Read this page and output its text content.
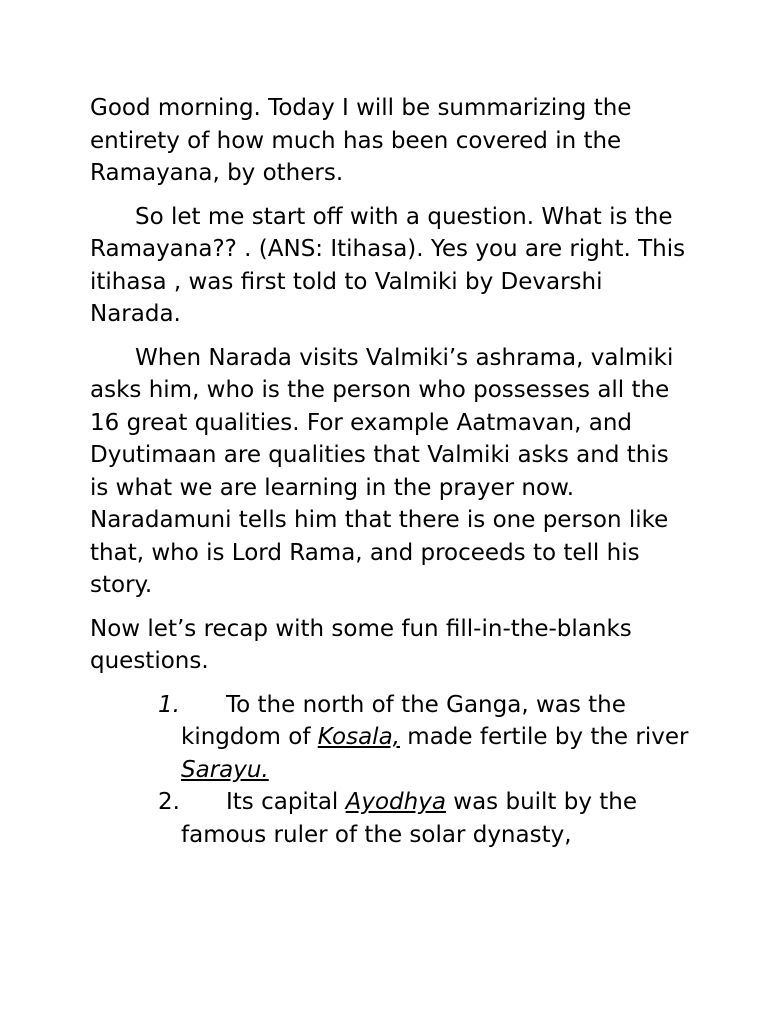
Good morning. Today I will be summarizing the entirety of how much has been covered in the Ramayana, by others.

So let me start off with a question. What is the Ramayana?? . (ANS: Itihasa). Yes you are right. This itihasa , was first told to Valmiki by Devarshi Narada.

When Narada visits Valmiki’s ashrama, valmiki asks him, who is the person who possesses all the 16 great qualities. For example Aatmavan, and Dyutimaan are qualities that Valmiki asks and this is what we are learning in the prayer now. Naradamuni tells him that there is one person like that, who is Lord Rama, and proceeds to tell his story.

Now let’s recap with some fun fill-in-the-blanks questions.

1. To the north of the Ganga, was the kingdom of Kosala, made fertile by the river Sarayu.
2. Its capital Ayodhya was built by the famous ruler of the solar dynasty,
